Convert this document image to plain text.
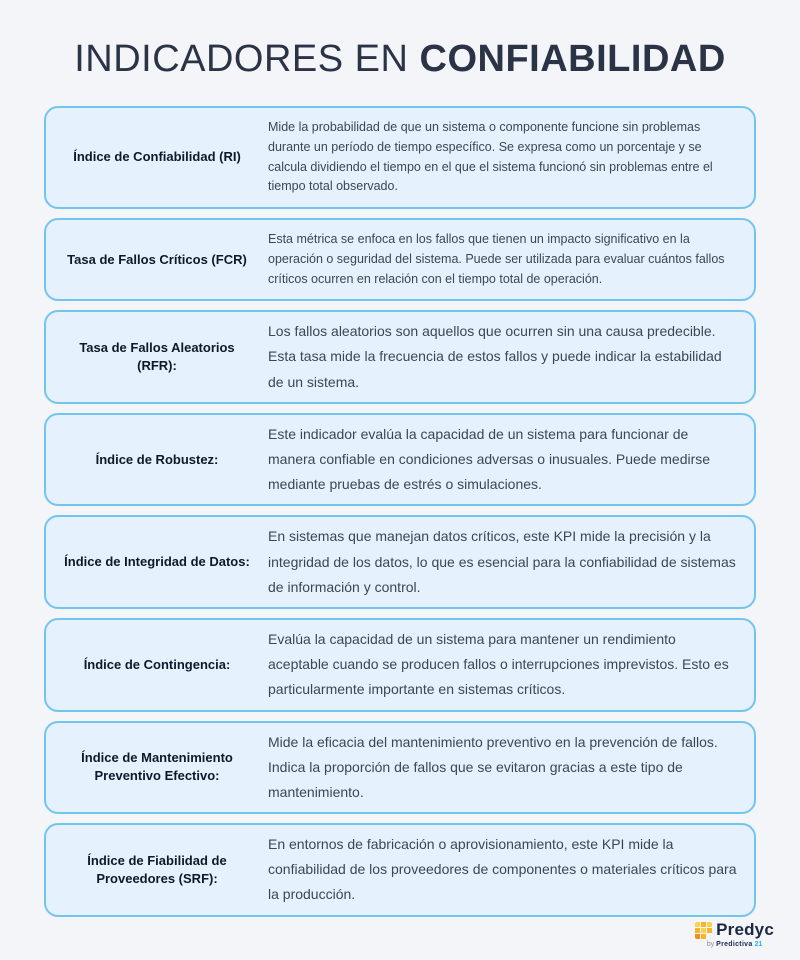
INDICADORES EN CONFIABILIDAD
Índice de Confiabilidad (RI)

Mide la probabilidad de que un sistema o componente funcione sin problemas durante un período de tiempo específico. Se expresa como un porcentaje y se calcula dividiendo el tiempo en el que el sistema funcionó sin problemas entre el tiempo total observado.

Tasa de Fallos Críticos (FCR)

Esta métrica se enfoca en los fallos que tienen un impacto significativo en la operación o seguridad del sistema. Puede ser utilizada para evaluar cuántos fallos críticos ocurren en relación con el tiempo total de operación.

Tasa de Fallos Aleatorios (RFR):

Los fallos aleatorios son aquellos que ocurren sin una causa predecible. Esta tasa mide la frecuencia de estos fallos y puede indicar la estabilidad de un sistema.

Índice de Robustez:

Este indicador evalúa la capacidad de un sistema para funcionar de manera confiable en condiciones adversas o inusuales. Puede medirse mediante pruebas de estrés o simulaciones.

Índice de Integridad de Datos:

En sistemas que manejan datos críticos, este KPI mide la precisión y la integridad de los datos, lo que es esencial para la confiabilidad de sistemas de información y control.

Índice de Contingencia:

Evalúa la capacidad de un sistema para mantener un rendimiento aceptable cuando se producen fallos o interrupciones imprevistos. Esto es particularmente importante en sistemas críticos.

Índice de Mantenimiento Preventivo Efectivo:

Mide la eficacia del mantenimiento preventivo en la prevención de fallos. Indica la proporción de fallos que se evitaron gracias a este tipo de mantenimiento.

Índice de Fiabilidad de Proveedores (SRF):

En entornos de fabricación o aprovisionamiento, este KPI mide la confiabilidad de los proveedores de componentes o materiales críticos para la producción.

Predyc
by Predictiva 21
